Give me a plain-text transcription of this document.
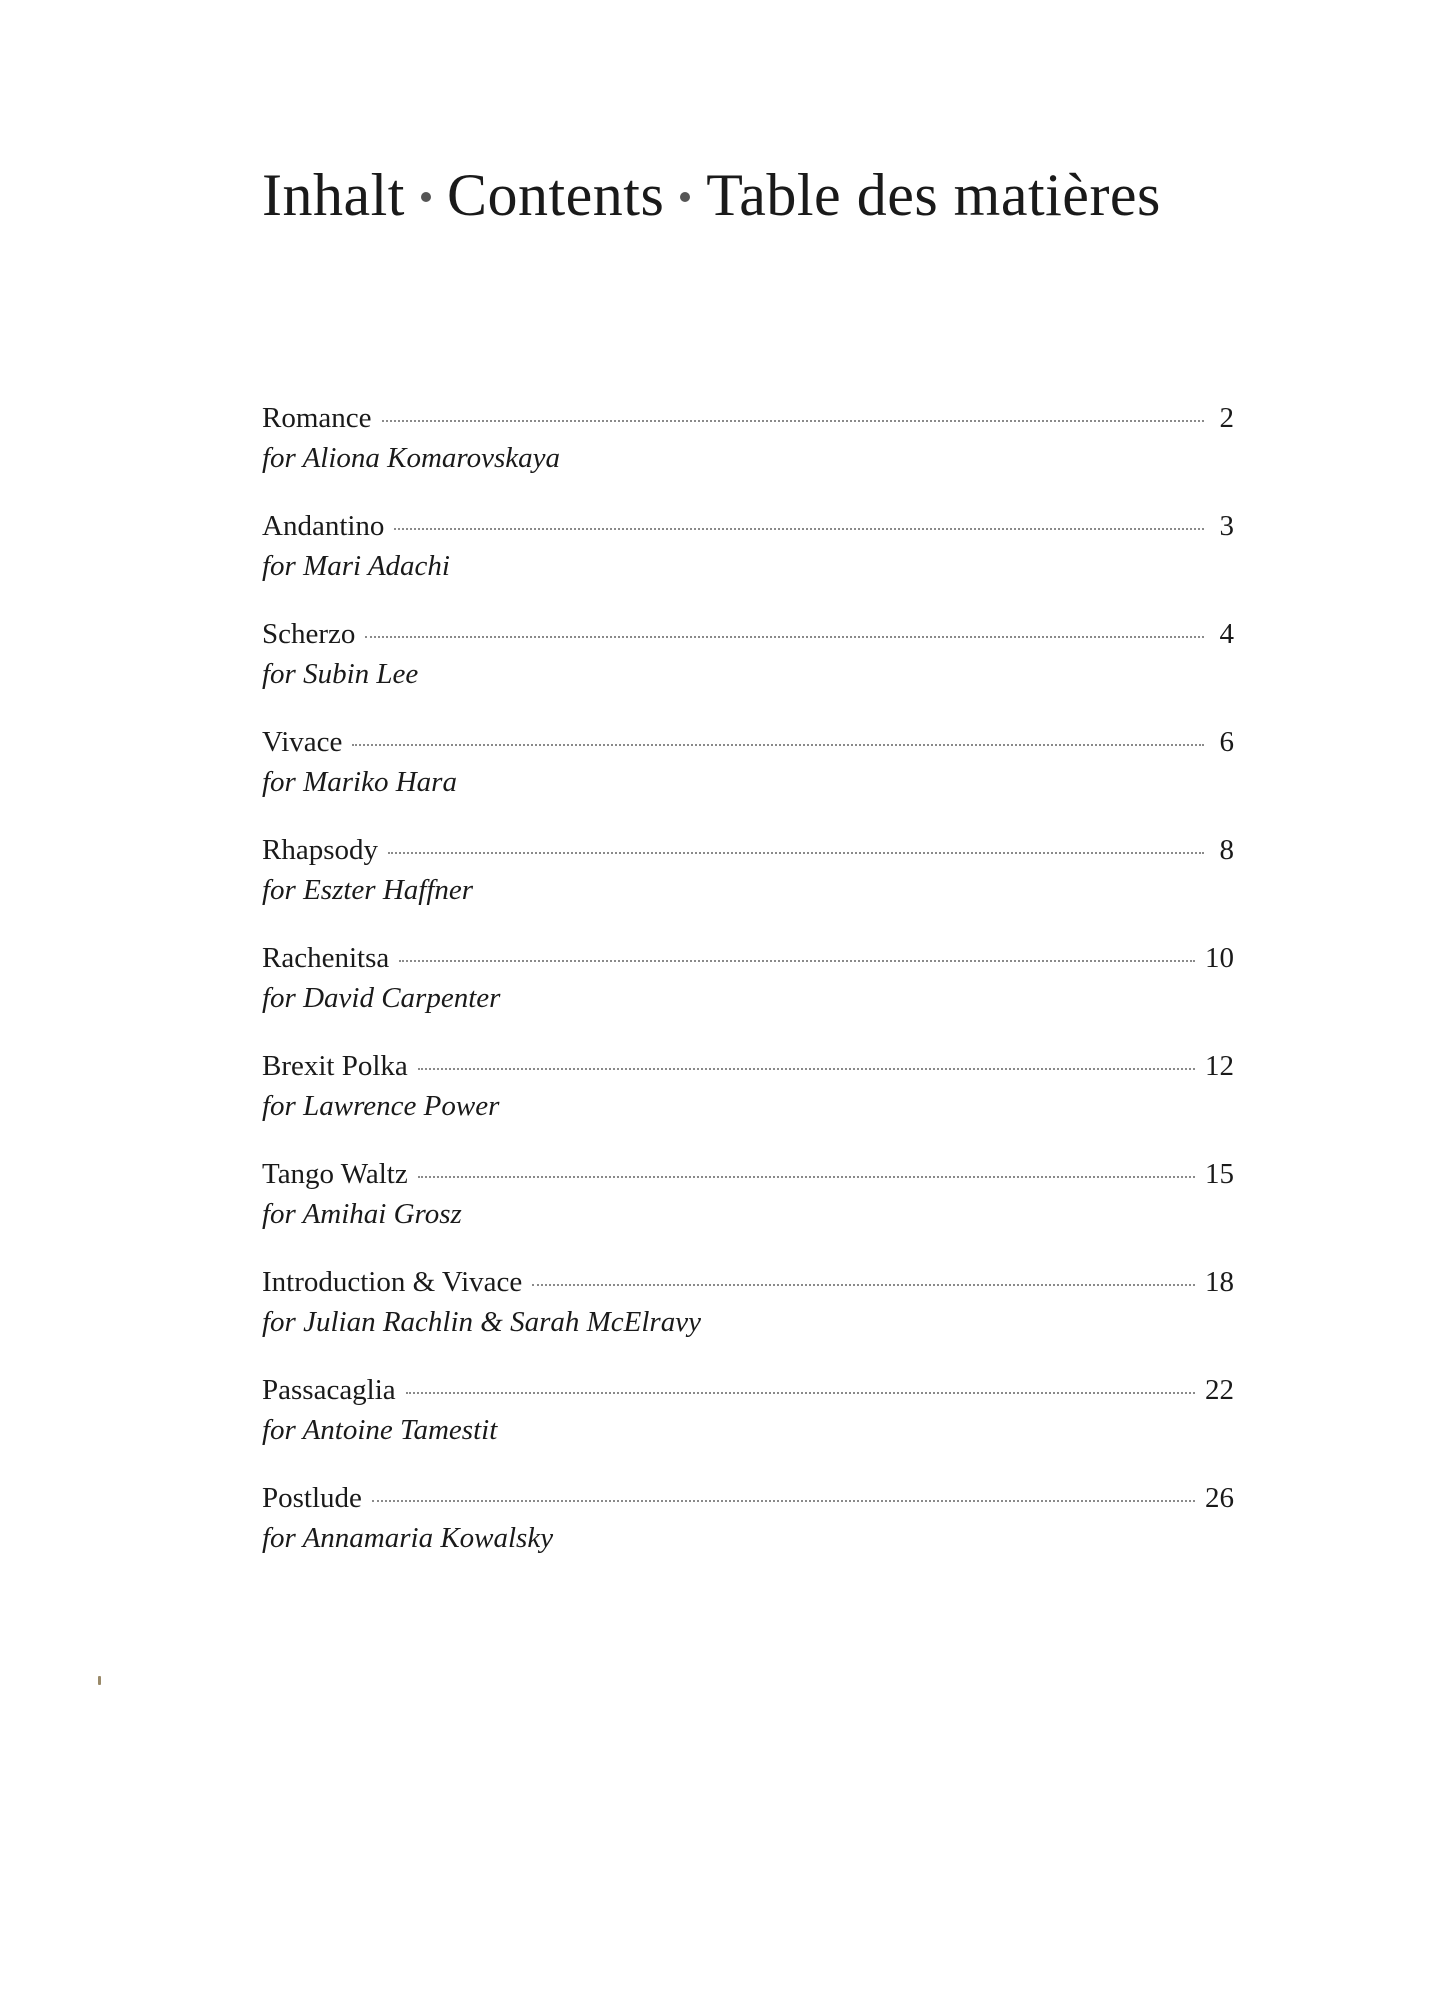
Inhalt Contents Table des matières
Romance	2
for Aliona Komarovskaya
Andantino	3
for Mari Adachi
Scherzo	4
for Subin Lee
Vivace	6
for Mariko Hara
Rhapsody	8
for Eszter Haffner
Rachenitsa	10
for David Carpenter
Brexit Polka	12
for Lawrence Power
Tango Waltz	15
for Amihai Grosz
Introduction & Vivace	18
for Julian Rachlin & Sarah McElravy
Passacaglia	22
for Antoine Tamestit
Postlude	26
for Annamaria Kowalsky
